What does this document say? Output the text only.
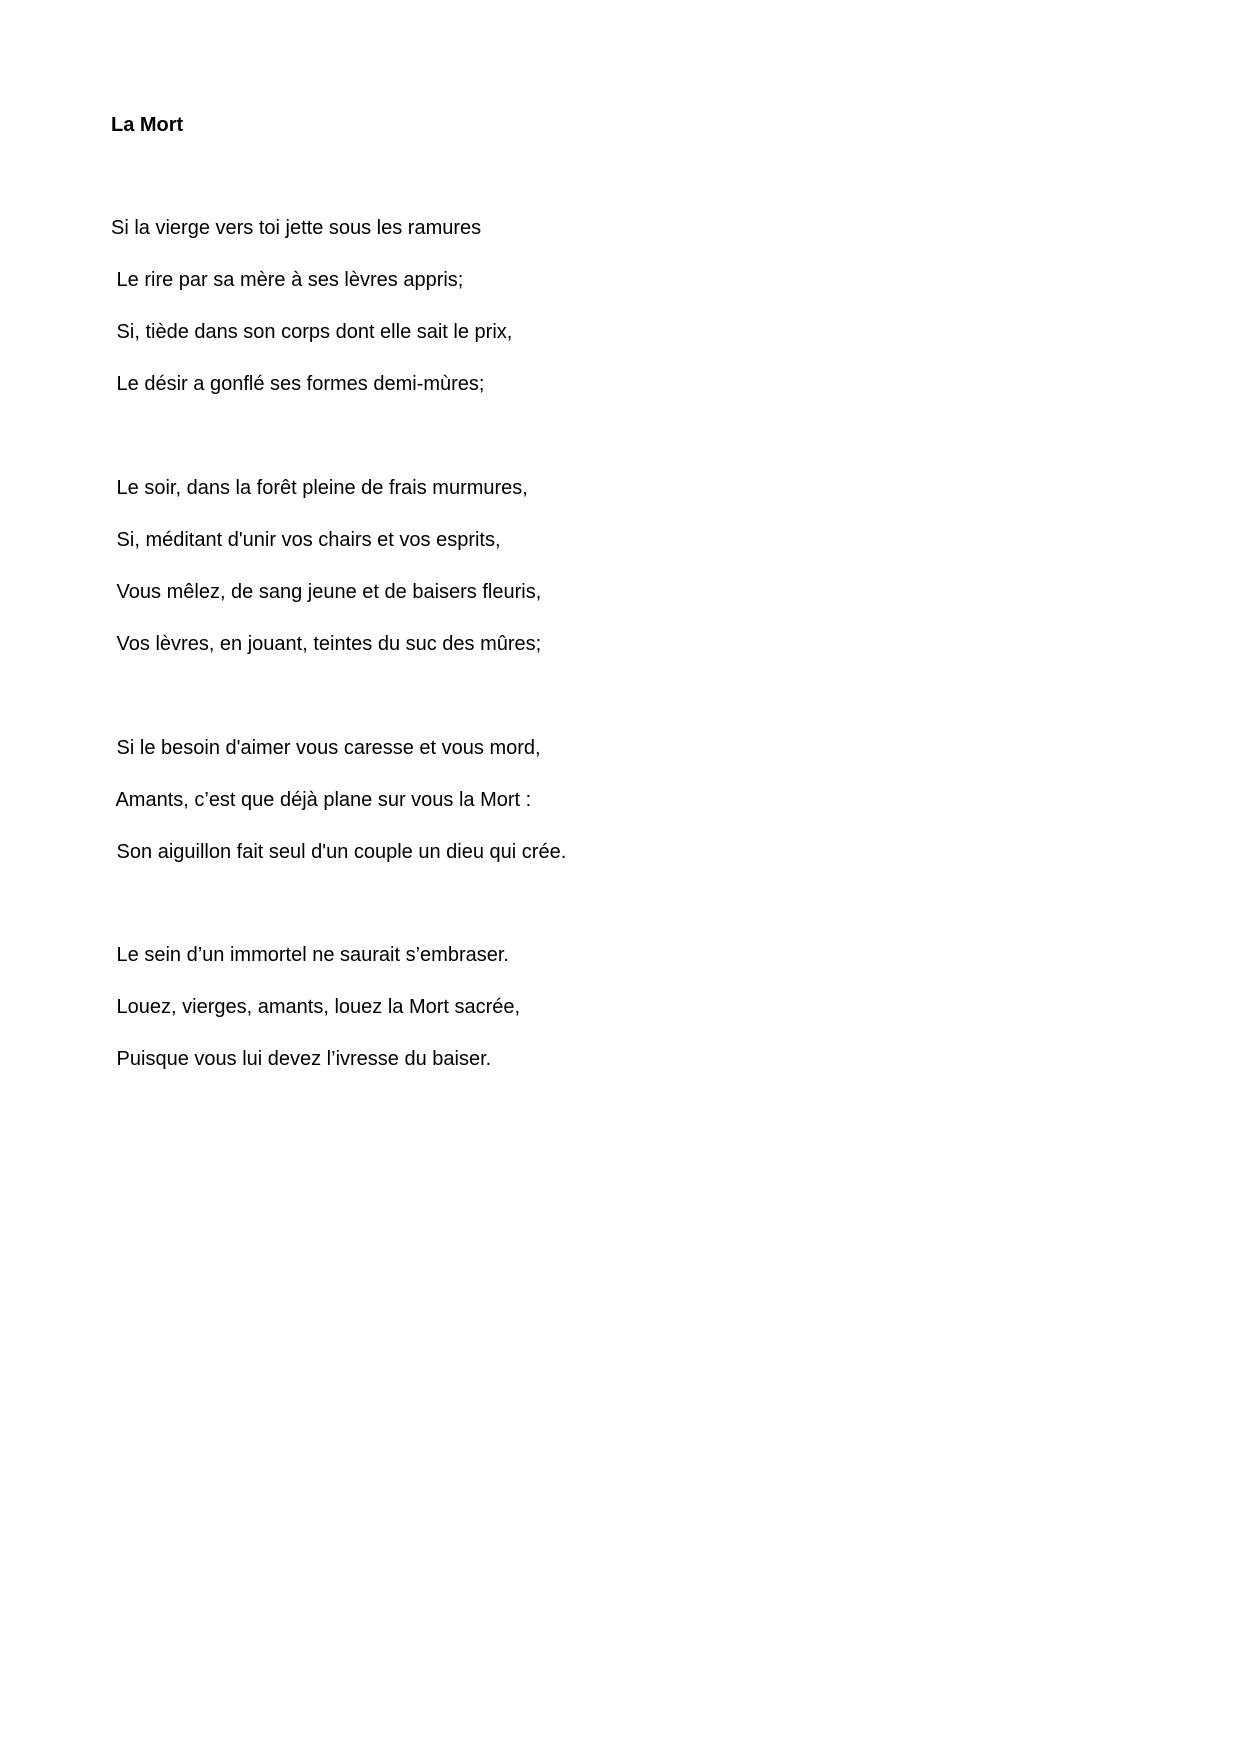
La Mort
Si la vierge vers toi jette sous les ramures
Le rire par sa mère à ses lèvres appris;
Si, tiède dans son corps dont elle sait le prix,
Le désir a gonflé ses formes demi-mùres;
Le soir, dans la forêt pleine de frais murmures,
Si, méditant d'unir vos chairs et vos esprits,
Vous mêlez, de sang jeune et de baisers fleuris,
Vos lèvres, en jouant, teintes du suc des mûres;
Si le besoin d'aimer vous caresse et vous mord,
Amants, c’est que déjà plane sur vous la Mort :
Son aiguillon fait seul d'un couple un dieu qui crée.
Le sein d’un immortel ne saurait s’embraser.
Louez, vierges, amants, louez la Mort sacrée,
Puisque vous lui devez l’ivresse du baiser.
